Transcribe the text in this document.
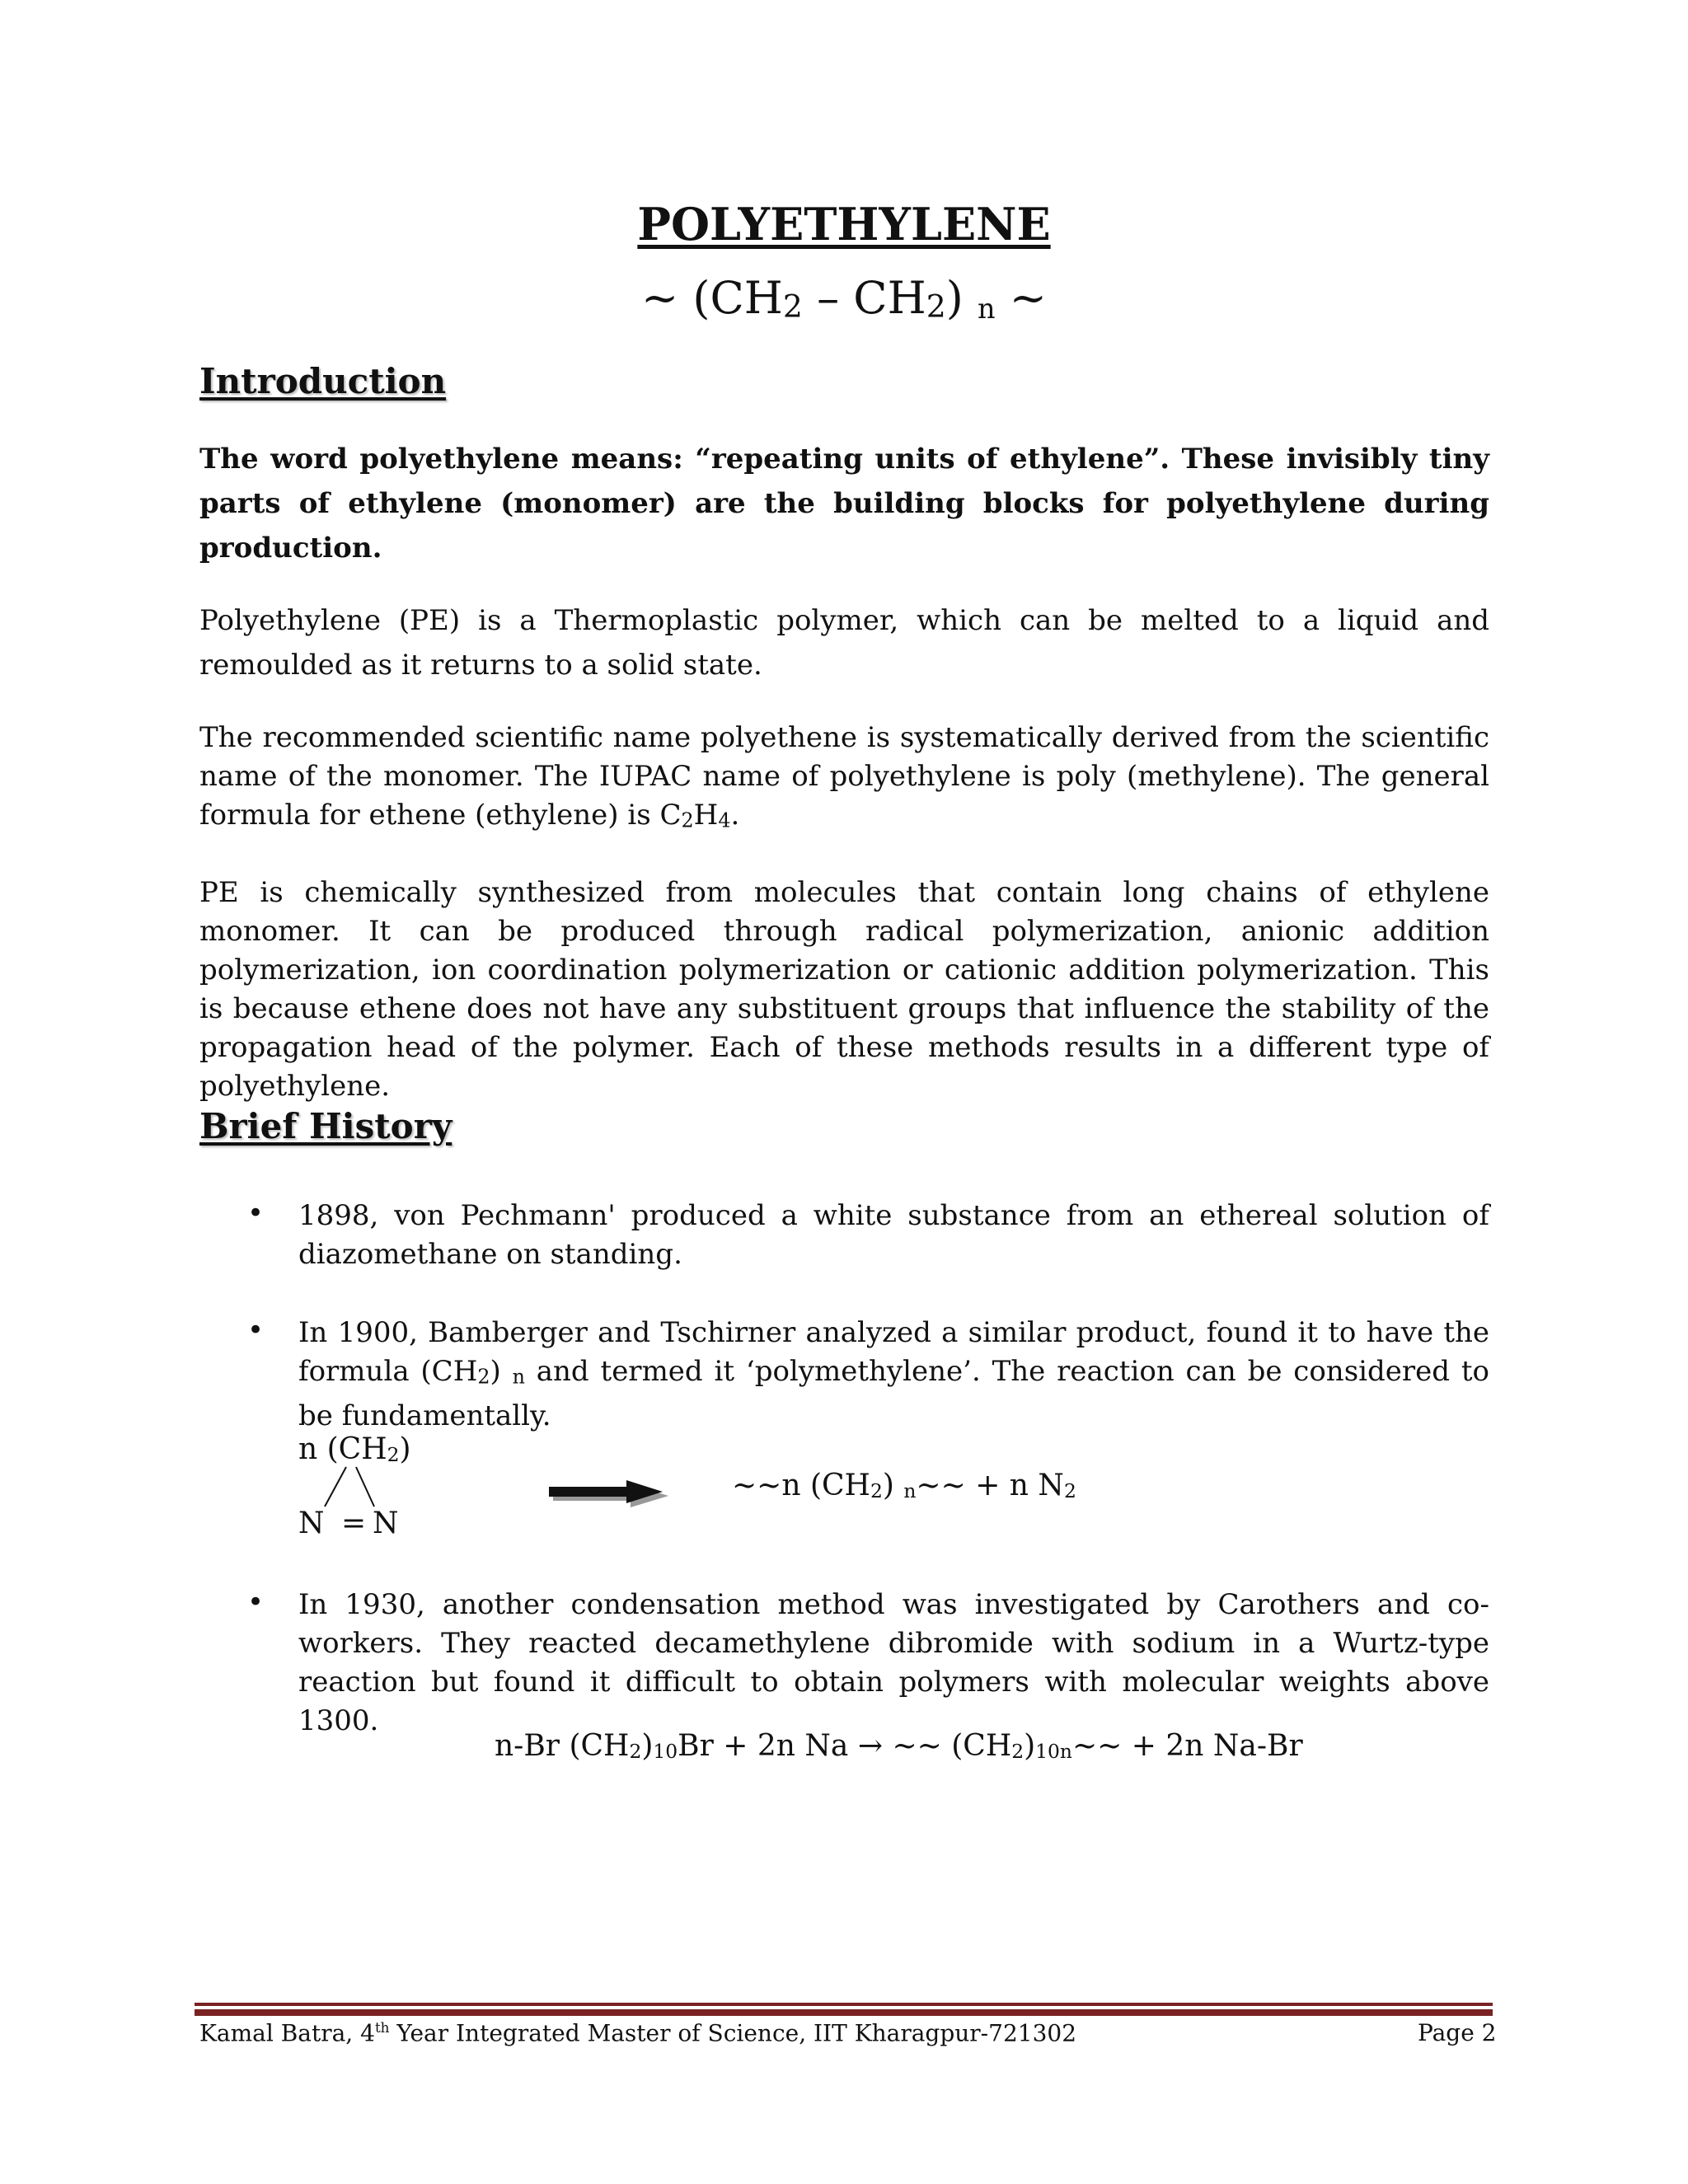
POLYETHYLENE
~ (CH2 – CH2) n ~
Introduction
The word polyethylene means: “repeating units of ethylene”. These invisibly tiny parts of ethylene (monomer) are the building blocks for polyethylene during production.
Polyethylene (PE) is a Thermoplastic polymer, which can be melted to a liquid and remoulded as it returns to a solid state.
The recommended scientific name polyethene is systematically derived from the scientific name of the monomer. The IUPAC name of polyethylene is poly (methylene). The general formula for ethene (ethylene) is C2H4.
PE is chemically synthesized from molecules that contain long chains of ethylene monomer. It can be produced through radical polymerization, anionic addition polymerization, ion coordination polymerization or cationic addition polymerization. This is because ethene does not have any substituent groups that influence the stability of the propagation head of the polymer. Each of these methods results in a different type of polyethylene.
Brief History
• 1898, von Pechmann' produced a white substance from an ethereal solution of diazomethane on standing.
• In 1900, Bamberger and Tschirner analyzed a similar product, found it to have the formula (CH2) n and termed it ‘polymethylene’. The reaction can be considered to be fundamentally.
n (CH2)
N = N
~~n (CH2) n~~ + n N2
• In 1930, another condensation method was investigated by Carothers and co-workers. They reacted decamethylene dibromide with sodium in a Wurtz-type reaction but found it difficult to obtain polymers with molecular weights above 1300.
n-Br (CH2)10Br + 2n Na → ~~ (CH2)10n~~ + 2n Na-Br
Kamal Batra, 4th Year Integrated Master of Science, IIT Kharagpur-721302	Page 2
